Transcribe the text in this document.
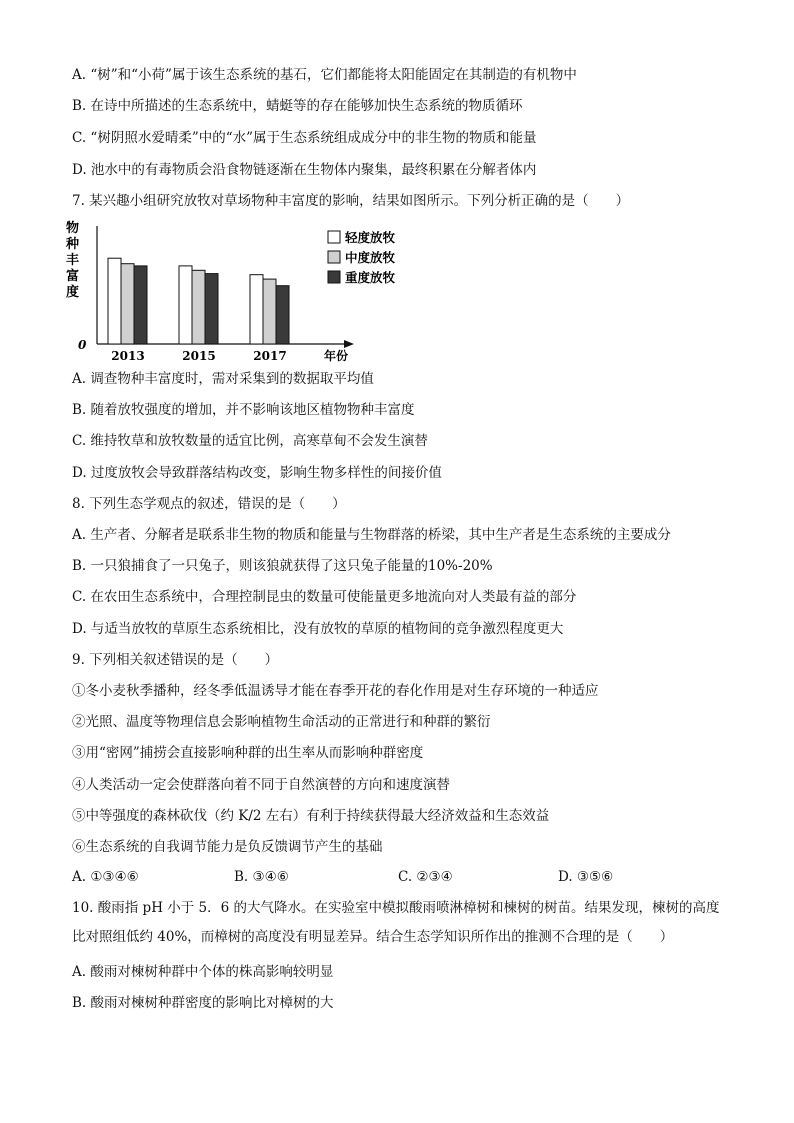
A. “树”和“小荷”属于该生态系统的基石，它们都能将太阳能固定在其制造的有机物中
B. 在诗中所描述的生态系统中，蜻蜓等的存在能够加快生态系统的物质循环
C. “树阴照水爱晴柔”中的“水”属于生态系统组成成分中的非生物的物质和能量
D. 池水中的有毒物质会沿食物链逐渐在生物体内聚集，最终积累在分解者体内
7. 某兴趣小组研究放牧对草场物种丰富度的影响，结果如图所示。下列分析正确的是（　　）
物
种
丰
富
度
0
年份
2013	2015	2017
轻度放牧
中度放牧
重度放牧
A. 调查物种丰富度时，需对采集到的数据取平均值
B. 随着放牧强度的增加，并不影响该地区植物物种丰富度
C. 维持牧草和放牧数量的适宜比例，高寒草甸不会发生演替
D. 过度放牧会导致群落结构改变，影响生物多样性的间接价值
8. 下列生态学观点的叙述，错误的是（　　）
A. 生产者、分解者是联系非生物的物质和能量与生物群落的桥梁，其中生产者是生态系统的主要成分
B. 一只狼捕食了一只兔子，则该狼就获得了这只兔子能量的10%-20%
C. 在农田生态系统中，合理控制昆虫的数量可使能量更多地流向对人类最有益的部分
D. 与适当放牧的草原生态系统相比，没有放牧的草原的植物间的竞争激烈程度更大
9. 下列相关叙述错误的是（　　）
①冬小麦秋季播种，经冬季低温诱导才能在春季开花的春化作用是对生存环境的一种适应
②光照、温度等物理信息会影响植物生命活动的正常进行和种群的繁衍
③用“密网”捕捞会直接影响种群的出生率从而影响种群密度
④人类活动一定会使群落向着不同于自然演替的方向和速度演替
⑤中等强度的森林砍伐（约 K/2 左右）有利于持续获得最大经济效益和生态效益
⑥生态系统的自我调节能力是负反馈调节产生的基础
A. ①③④⑥	B. ③④⑥	C. ②③④	D. ③⑤⑥
10. 酸雨指 pH 小于 5．6 的大气降水。在实验室中模拟酸雨喷淋樟树和楝树的树苗。结果发现，楝树的高度比对照组低约 40%，而樟树的高度没有明显差异。结合生态学知识所作出的推测不合理的是（　　）
A. 酸雨对楝树种群中个体的株高影响较明显
B. 酸雨对楝树种群密度的影响比对樟树的大
